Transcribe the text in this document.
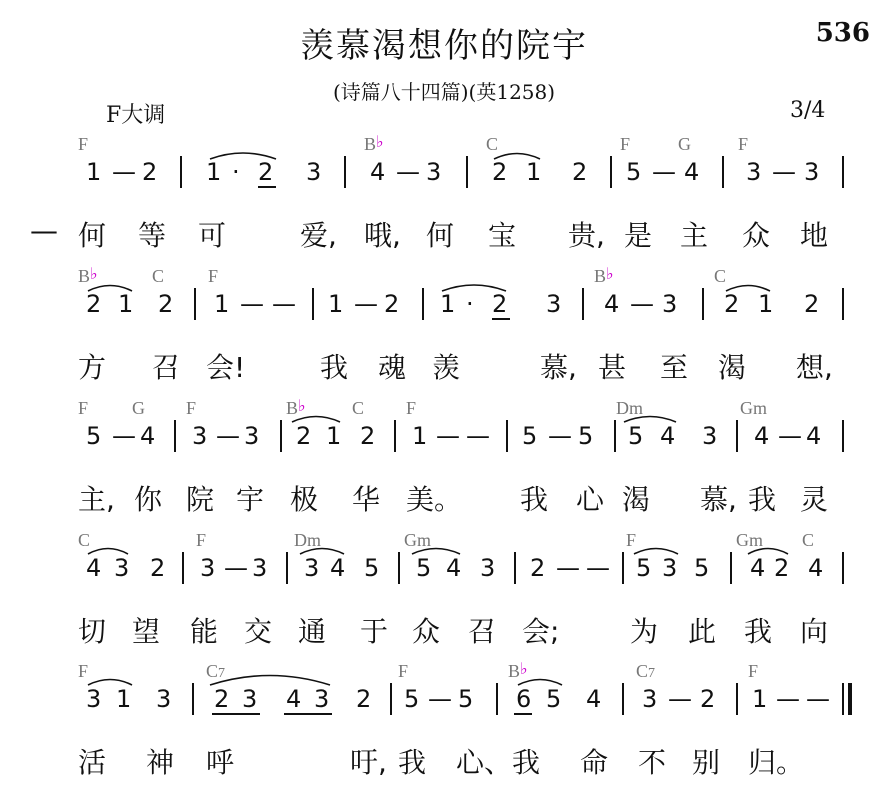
羡慕渴想你的院宇	536
(诗篇八十四篇)(英1258)
F大调	3/4
F	B♭	C	F	G	F
1 — 2 1 · 2 3 4 — 3 2 1 2 5 — 4 3 — 3
— 何 等 可	爱, 哦, 何 宝 贵, 是 主 众 地
B♭	C F	B♭	C
2 1 2 1 — — 1 — 2 1 · 2 3 4 — 3 2 1 2
方 召 会!	我 魂 羡	慕, 甚 至 渴 想,
F G F	B♭	C F	Dm	Gm
5 — 4 3 — 3 2 1 2 1 — — 5 — 5 5 4 3 4 — 4
主, 你 院 宇 极 华 美。 我 心 渴 慕, 我 灵
C	F	Dm	Gm	F	Gm C
4 3 2 3 — 3 3 4 5 5 4 3 2 — — 5 3 5 4 2 4
切 望 能 交 通 于 众 召 会;	为 此 我 向
F	C7	F	B♭	C7	F
3 1 3 2 3 4 3 2 5 — 5 6 5 4 3 — 2 1 — —
活 神 呼	吁, 我 心、 我 命 不 别 归。
